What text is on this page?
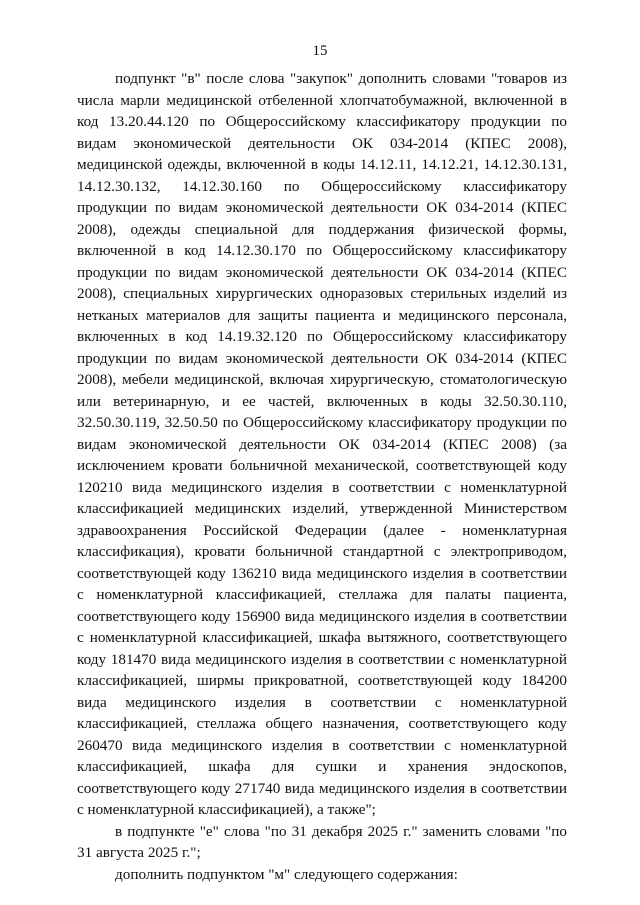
15

подпункт "в" после слова "закупок" дополнить словами "товаров из числа марли медицинской отбеленной хлопчатобумажной, включенной в код 13.20.44.120 по Общероссийскому классификатору продукции по видам экономической деятельности ОК 034-2014 (КПЕС 2008), медицинской одежды, включенной в коды 14.12.11, 14.12.21, 14.12.30.131, 14.12.30.132, 14.12.30.160 по Общероссийскому классификатору продукции по видам экономической деятельности ОК 034-2014 (КПЕС 2008), одежды специальной для поддержания физической формы, включенной в код 14.12.30.170 по Общероссийскому классификатору продукции по видам экономической деятельности ОК 034-2014 (КПЕС 2008), специальных хирургических одноразовых стерильных изделий из нетканых материалов для защиты пациента и медицинского персонала, включенных в код 14.19.32.120 по Общероссийскому классификатору продукции по видам экономической деятельности ОК 034-2014 (КПЕС 2008), мебели медицинской, включая хирургическую, стоматологическую или ветеринарную, и ее частей, включенных в коды 32.50.30.110, 32.50.30.119, 32.50.50 по Общероссийскому классификатору продукции по видам экономической деятельности ОК 034-2014 (КПЕС 2008) (за исключением кровати больничной механической, соответствующей коду 120210 вида медицинского изделия в соответствии с номенклатурной классификацией медицинских изделий, утвержденной Министерством здравоохранения Российской Федерации (далее - номенклатурная классификация), кровати больничной стандартной с электроприводом, соответствующей коду 136210 вида медицинского изделия в соответствии с номенклатурной классификацией, стеллажа для палаты пациента, соответствующего коду 156900 вида медицинского изделия в соответствии с номенклатурной классификацией, шкафа вытяжного, соответствующего коду 181470 вида медицинского изделия в соответствии с номенклатурной классификацией, ширмы прикроватной, соответствующей коду 184200 вида медицинского изделия в соответствии с номенклатурной классификацией, стеллажа общего назначения, соответствующего коду 260470 вида медицинского изделия в соответствии с номенклатурной классификацией, шкафа для сушки и хранения эндоскопов, соответствующего коду 271740 вида медицинского изделия в соответствии с номенклатурной классификацией), а также";

в подпункте "е" слова "по 31 декабря 2025 г." заменить словами "по 31 августа 2025 г.";

дополнить подпунктом "м" следующего содержания:
